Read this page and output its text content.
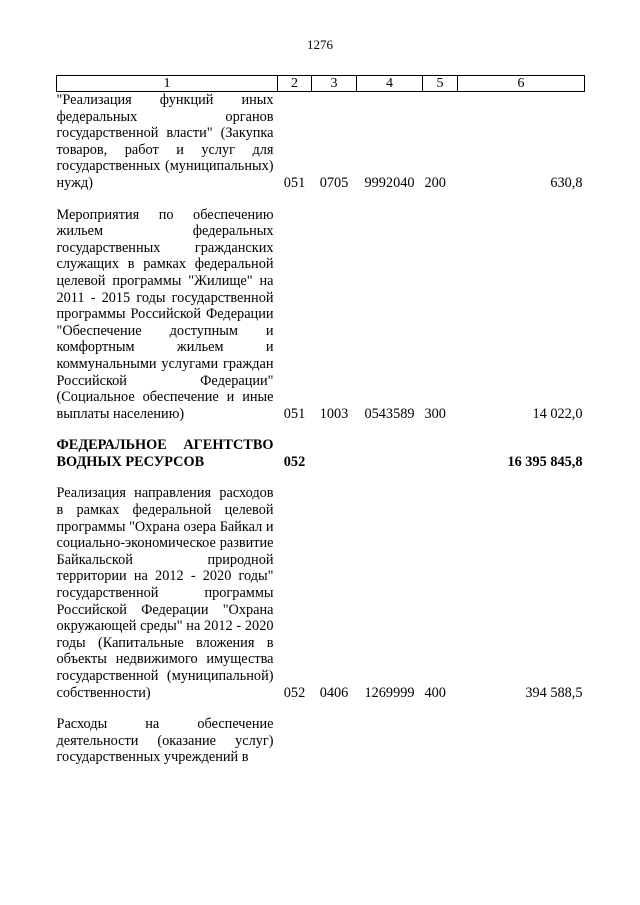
1276
1	2	3	4	5	6
"Реализация функций иных федеральных органов государственной власти" (Закупка товаров, работ и услуг для государственных (муниципальных) нужд)	051	0705	9992040	200	630,8

Мероприятия по обеспечению жильем федеральных государственных гражданских служащих в рамках федеральной целевой программы "Жилище" на 2011 - 2015 годы государственной программы Российской Федерации "Обеспечение доступным и комфортным жильем и коммунальными услугами граждан Российской Федерации" (Социальное обеспечение и иные выплаты населению)	051	1003	0543589	300	14 022,0

ФЕДЕРАЛЬНОЕ АГЕНТСТВО ВОДНЫХ РЕСУРСОВ	052				16 395 845,8

Реализация направления расходов в рамках федеральной целевой программы "Охрана озера Байкал и социально-экономическое развитие Байкальской природной территории на 2012 - 2020 годы" государственной программы Российской Федерации "Охрана окружающей среды" на 2012 - 2020 годы (Капитальные вложения в объекты недвижимого имущества государственной (муниципальной) собственности)	052	0406	1269999	400	394 588,5

Расходы на обеспечение деятельности (оказание услуг) государственных учреждений в					
